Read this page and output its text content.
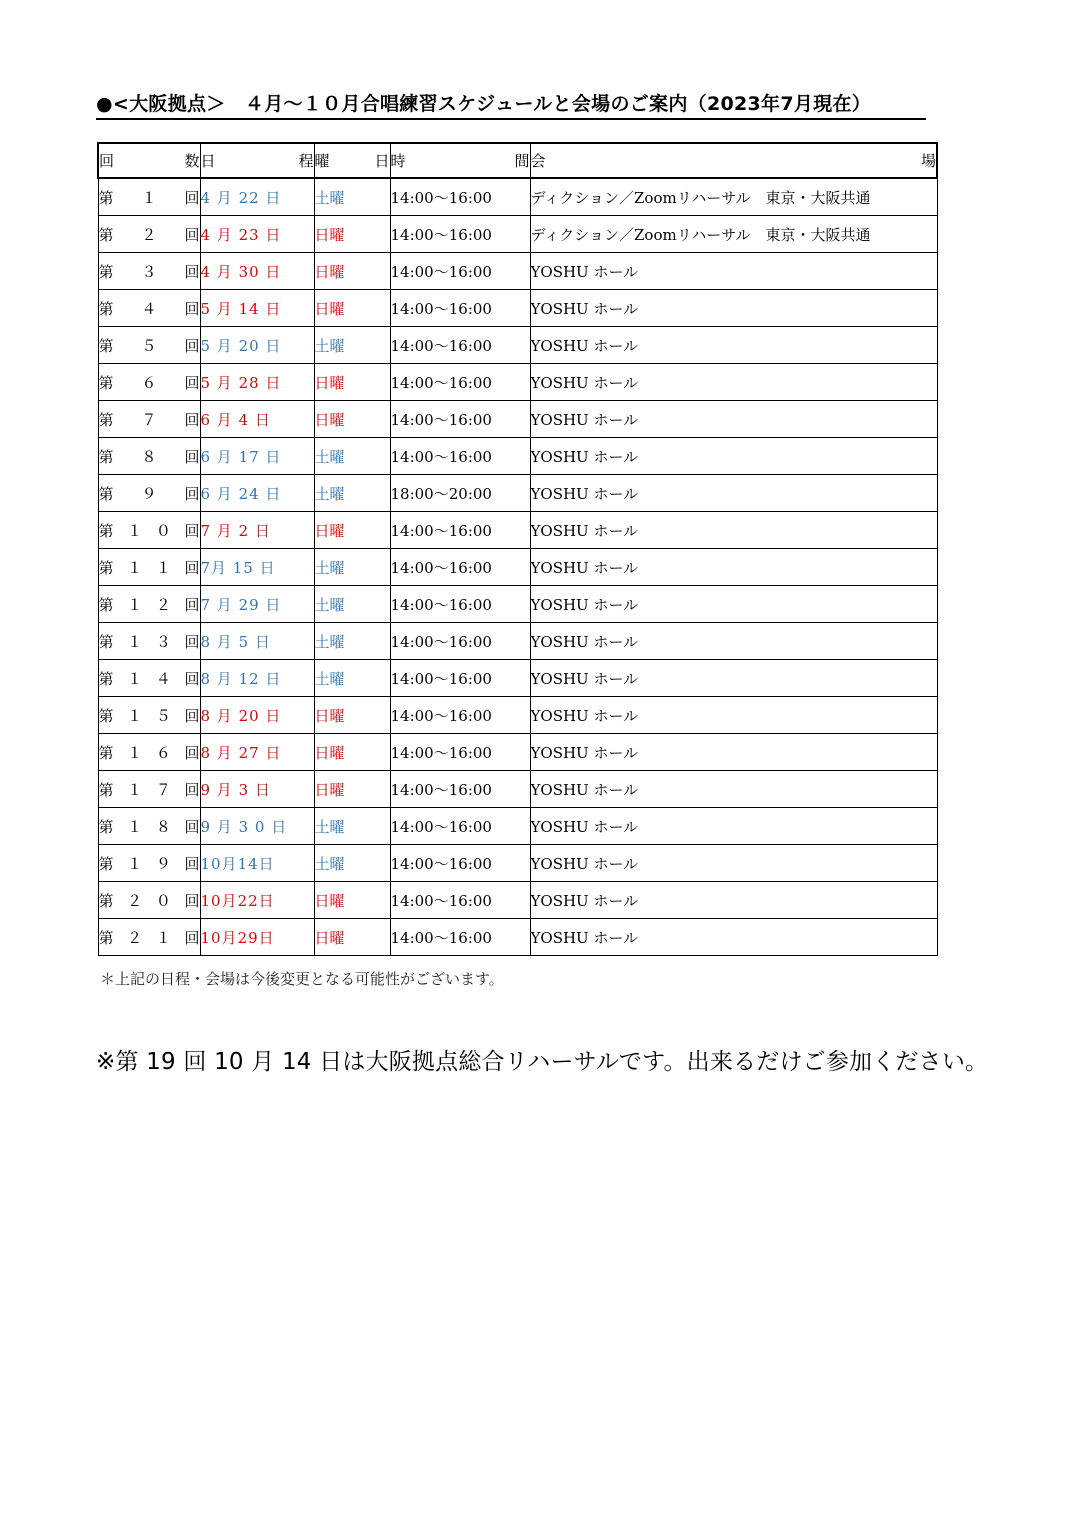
●<大阪拠点＞　４月～１０月合唱練習スケジュールと会場のご案内（2023年7月現在）
回数	日程	曜日	時間	会場
第１回	4 月 22 日	土曜	14:00～16:00	ディクション／Zoomリハーサル　東京・大阪共通
第２回	4 月 23 日	日曜	14:00～16:00	ディクション／Zoomリハーサル　東京・大阪共通
第３回	4 月 30 日	日曜	14:00～16:00	YOSHU ホール
第４回	5 月 14 日	日曜	14:00～16:00	YOSHU ホール
第５回	5 月 20 日	土曜	14:00～16:00	YOSHU ホール
第６回	5 月 28 日	日曜	14:00～16:00	YOSHU ホール
第７回	6 月 4 日	日曜	14:00～16:00	YOSHU ホール
第８回	6 月 17 日	土曜	14:00～16:00	YOSHU ホール
第９回	6 月 24 日	土曜	18:00～20:00	YOSHU ホール
第１０回	7 月 2 日	日曜	14:00～16:00	YOSHU ホール
第１１回	7月 15 日	土曜	14:00～16:00	YOSHU ホール
第１２回	7 月 29 日	土曜	14:00～16:00	YOSHU ホール
第１３回	8 月 5 日	土曜	14:00～16:00	YOSHU ホール
第１４回	8 月 12 日	土曜	14:00～16:00	YOSHU ホール
第１５回	8 月 20 日	日曜	14:00～16:00	YOSHU ホール
第１６回	8 月 27 日	日曜	14:00～16:00	YOSHU ホール
第１７回	9 月 3 日	日曜	14:00～16:00	YOSHU ホール
第１８回	9 月 3 0 日	土曜	14:00～16:00	YOSHU ホール
第１９回	10月14日	土曜	14:00～16:00	YOSHU ホール
第２０回	10月22日	日曜	14:00～16:00	YOSHU ホール
第２１回	10月29日	日曜	14:00～16:00	YOSHU ホール
＊上記の日程・会場は今後変更となる可能性がございます。
※第 19 回 10 月 14 日は大阪拠点総合リハーサルです。出来るだけご参加ください。
